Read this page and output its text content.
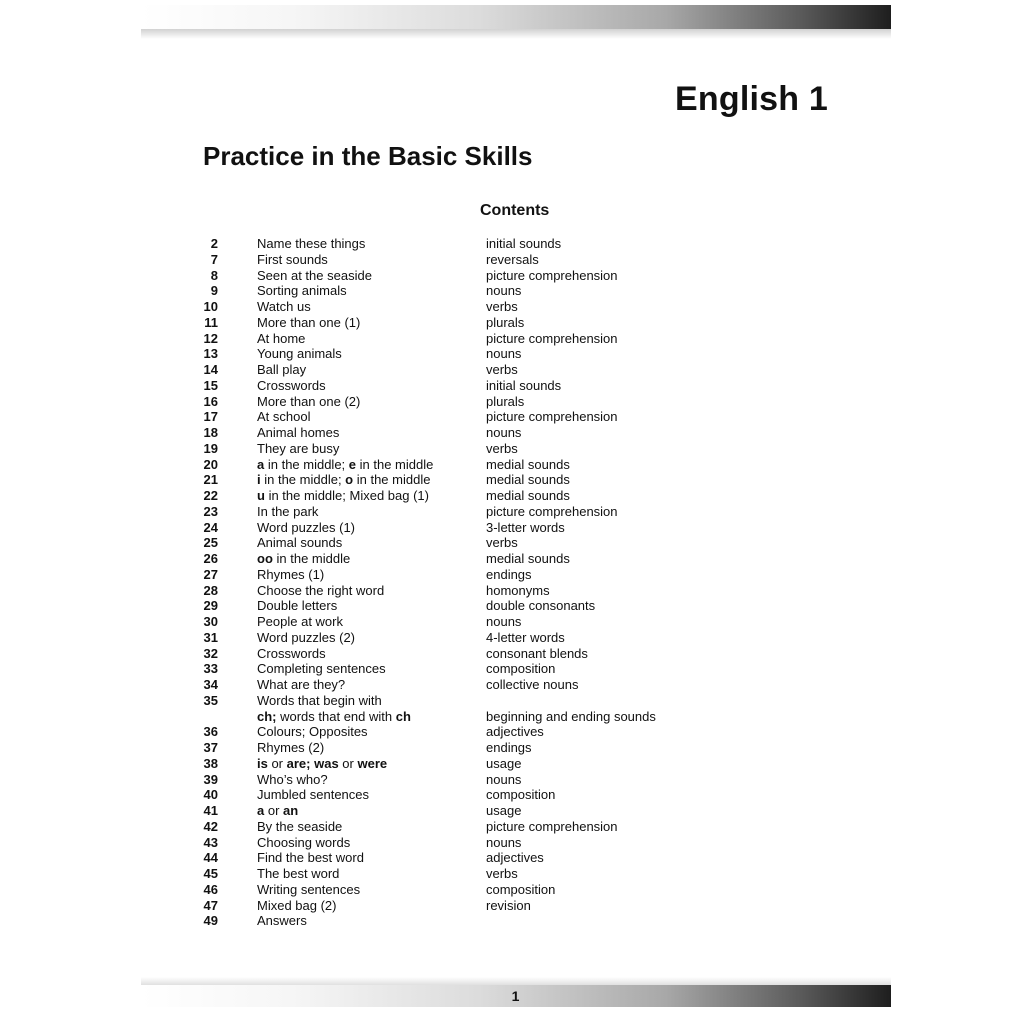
English 1
Practice in the Basic Skills
Contents
2	Name these things	initial sounds
7	First sounds	reversals
8	Seen at the seaside	picture comprehension
9	Sorting animals	nouns
10	Watch us	verbs
11	More than one (1)	plurals
12	At home	picture comprehension
13	Young animals	nouns
14	Ball play	verbs
15	Crosswords	initial sounds
16	More than one (2)	plurals
17	At school	picture comprehension
18	Animal homes	nouns
19	They are busy	verbs
20	a in the middle; e in the middle	medial sounds
21	i in the middle; o in the middle	medial sounds
22	u in the middle; Mixed bag (1)	medial sounds
23	In the park	picture comprehension
24	Word puzzles (1)	3-letter words
25	Animal sounds	verbs
26	oo in the middle	medial sounds
27	Rhymes (1)	endings
28	Choose the right word	homonyms
29	Double letters	double consonants
30	People at work	nouns
31	Word puzzles (2)	4-letter words
32	Crosswords	consonant blends
33	Completing sentences	composition
34	What are they?	collective nouns
35	Words that begin with
ch; words that end with ch	beginning and ending sounds
36	Colours; Opposites	adjectives
37	Rhymes (2)	endings
38	is or are; was or were	usage
39	Who’s who?	nouns
40	Jumbled sentences	composition
41	a or an	usage
42	By the seaside	picture comprehension
43	Choosing words	nouns
44	Find the best word	adjectives
45	The best word	verbs
46	Writing sentences	composition
47	Mixed bag (2)	revision
49	Answers
1
